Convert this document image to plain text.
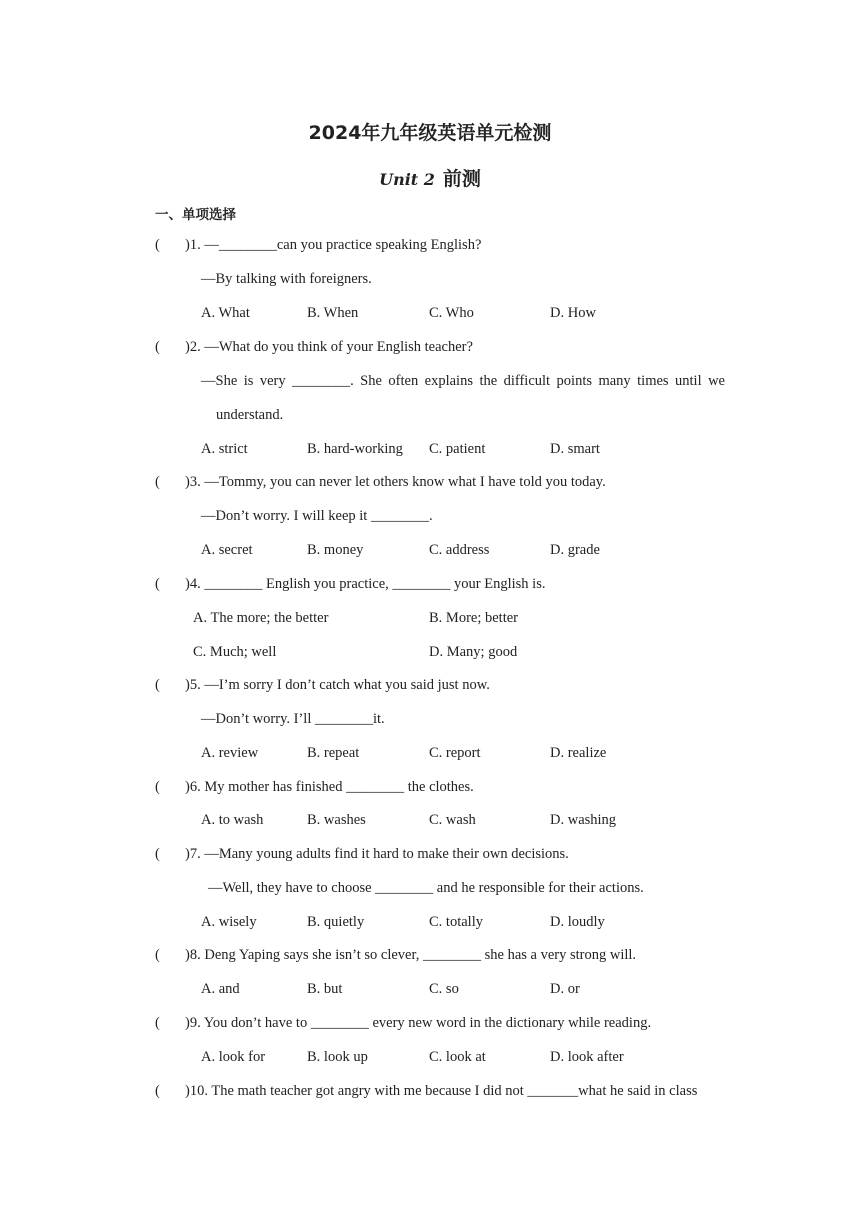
2024年九年级英语单元检测
Unit 2 前测
一、单项选择
( )1. —________can you practice speaking English?
—By talking with foreigners.
A. What	B. When	C. Who	D. How
( )2. —What do you think of your English teacher?
—She is very ________. She often explains the difficult points many times until we
understand.
A. strict	B. hard-working C. patient	D. smart
( )3. —Tommy, you can never let others know what I have told you today.
—Don’t worry. I will keep it ________.
A. secret	B. money	C. address	D. grade
( )4. ________ English you practice, ________ your English is.
A. The more; the better	B. More; better
C. Much; well	D. Many; good
( )5. —I’m sorry I don’t catch what you said just now.
—Don’t worry. I’ll ________it.
A. review	B. repeat	C. report	D. realize
( )6. My mother has finished ________ the clothes.
A. to wash	B. washes	C. wash	D. washing
( )7. —Many young adults find it hard to make their own decisions.
—Well, they have to choose ________ and he responsible for their actions.
A. wisely	B. quietly	C. totally	D. loudly
( )8. Deng Yaping says she isn’t so clever, ________ she has a very strong will.
A. and	B. but	C. so	D. or
( )9. You don’t have to ________ every new word in the dictionary while reading.
A. look for	B. look up	C. look at	D. look after
( )10. The math teacher got angry with me because I did not _______what he said in class
